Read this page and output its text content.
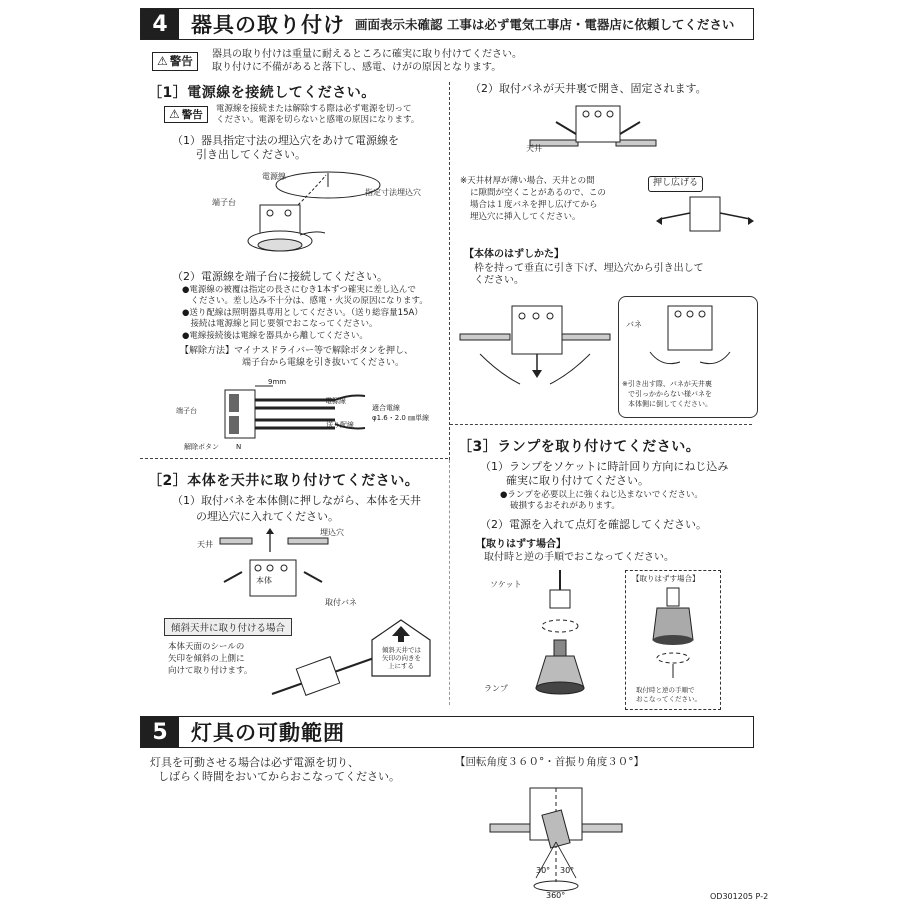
4	器具の取り付け 画面表示未確認 工事は必ず電気工事店・電器店に依頼してください
⚠ 警告	器具の取り付けは重量に耐えるところに確実に取り付けてください。
取り付けに不備があると落下し、感電、けがの原因となります。
［1］電源線を接続してください。
⚠ 警告	電源線を接続または解除する際は必ず電源を切って
ください。電源を切らないと感電の原因になります。
（1）器具指定寸法の埋込穴をあけて電源線を
引き出してください。
電源線
指定寸法埋込穴
端子台
（2）電源線を端子台に接続してください。
●電源線の被覆は指定の長さにむき1本ずつ確実に差し込んで
　ください。差し込み不十分は、感電・火災の原因になります。
●送り配線は照明器具専用としてください。（送り総容量15A）
　接続は電源線と同じ要領でおこなってください。
●電線接続後は電線を器具から離してください。
【解除方法】マイナスドライバー等で解除ボタンを押し、
端子台から電線を引き抜いてください。
9mm
端子台
電源線
適合電線
φ1.6・2.0 ㎜単線
送り配線
解除ボタン N
［2］本体を天井に取り付けてください。
（1）取付バネを本体側に押しながら、本体を天井
の埋込穴に入れてください。
天井
埋込穴
本体
取付バネ
傾斜天井に取り付ける場合
本体天面のシールの
矢印を傾斜の上側に
向けて取り付けます。
傾斜天井では
矢印の向きを
上にする
（2）取付バネが天井裏で開き、固定されます。
天井
※天井材厚が薄い場合、天井との間
に隙間が空くことがあるので、この
場合は１度バネを押し広げてから
埋込穴に挿入してください。
押し広げる
【本体のはずしかた】
枠を持って垂直に引き下げ、埋込穴から引き出して
ください。
バネ
※引き出す際、バネが天井裏
で引っかからない様バネを
本体側に倒してください。
［3］ランプを取り付けてください。
（1）ランプをソケットに時計回り方向にねじ込み
確実に取り付けてください。
●ランプを必要以上に強くねじ込まないでください。
破損するおそれがあります。
（2）電源を入れて点灯を確認してください。
【取りはずす場合】
取付時と逆の手順でおこなってください。
ソケット
ランプ
【取りはずす場合】
取付時と逆の手順で
おこなってください。
5	灯具の可動範囲
灯具を可動させる場合は必ず電源を切り、
しばらく時間をおいてからおこなってください。
【回転角度３６０°・首振り角度３０°】
30° 30°
360°	OD301205 P-2
